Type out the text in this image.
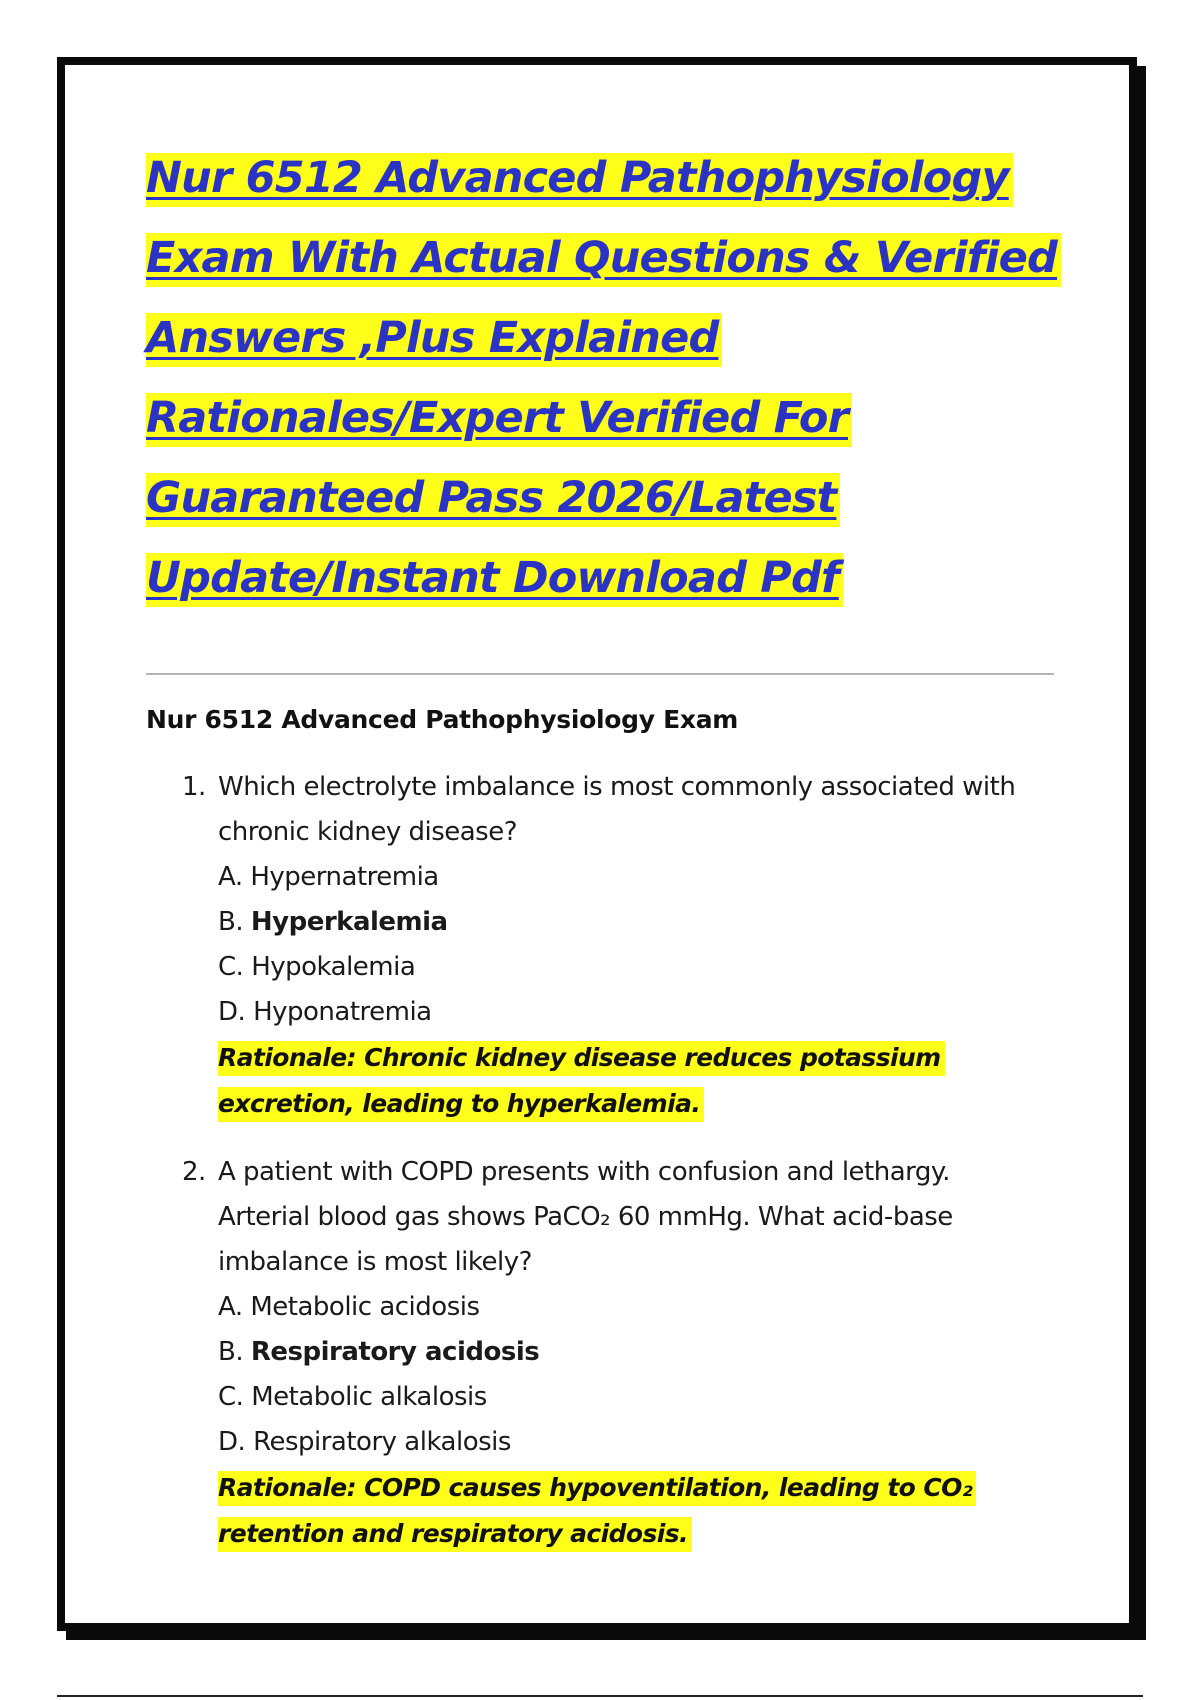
Nur 6512 Advanced Pathophysiology
Exam With Actual Questions & Verified
Answers ,Plus Explained
Rationales/Expert Verified For
Guaranteed Pass 2026/Latest
Update/Instant Download Pdf
Nur 6512 Advanced Pathophysiology Exam
1. Which electrolyte imbalance is most commonly associated with
chronic kidney disease?
A. Hypernatremia
B. Hyperkalemia
C. Hypokalemia
D. Hyponatremia
Rationale: Chronic kidney disease reduces potassium
excretion, leading to hyperkalemia.
2. A patient with COPD presents with confusion and lethargy.
Arterial blood gas shows PaCO₂ 60 mmHg. What acid-base
imbalance is most likely?
A. Metabolic acidosis
B. Respiratory acidosis
C. Metabolic alkalosis
D. Respiratory alkalosis
Rationale: COPD causes hypoventilation, leading to CO₂
retention and respiratory acidosis.
